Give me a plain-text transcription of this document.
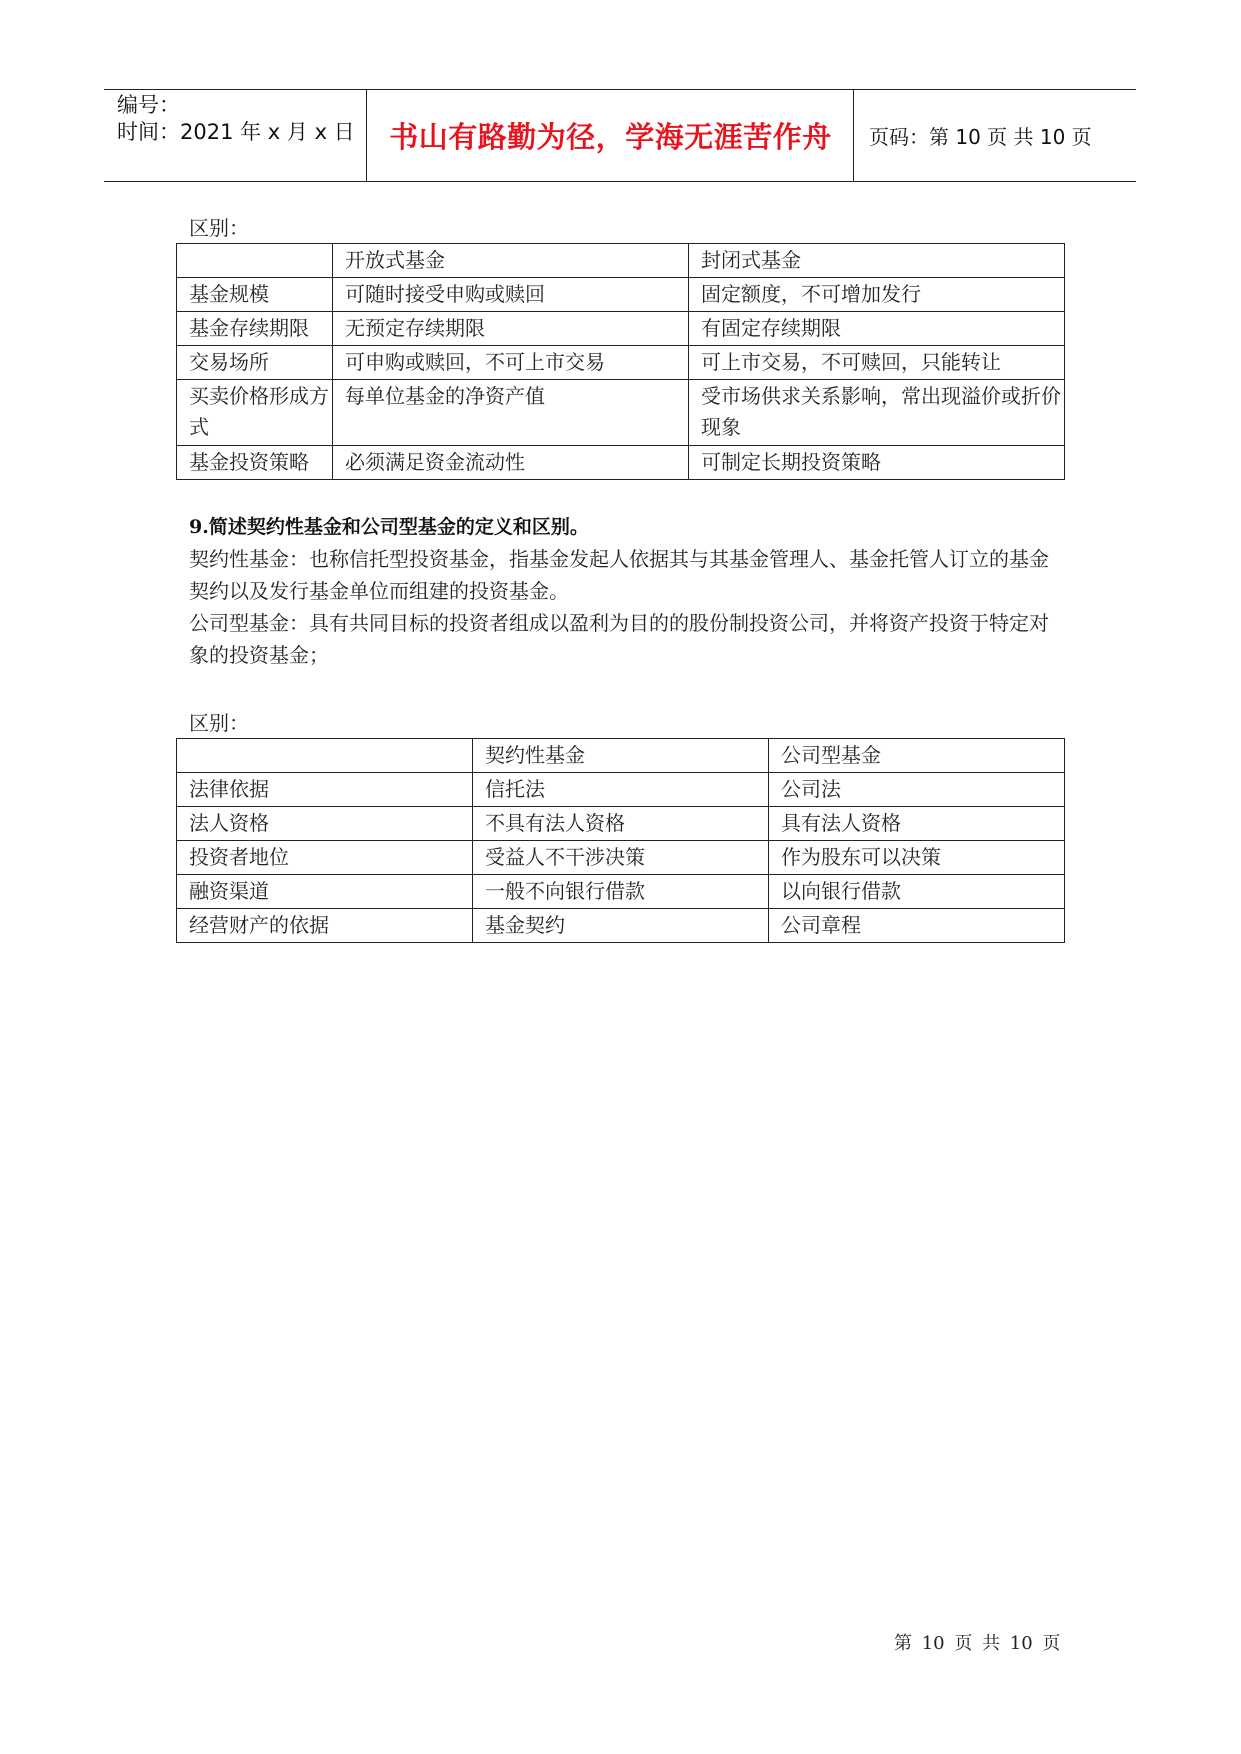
编号：
时间：2021 年 x 月 x 日	书山有路勤为径，学海无涯苦作舟	页码：第 10 页 共 10 页
区别：
	开放式基金	封闭式基金
基金规模	可随时接受申购或赎回	固定额度，不可增加发行
基金存续期限	无预定存续期限	有固定存续期限
交易场所	可申购或赎回，不可上市交易	可上市交易，不可赎回，只能转让
买卖价格形成方式	每单位基金的净资产值	受市场供求关系影响，常出现溢价或折价现象
基金投资策略	必须满足资金流动性	可制定长期投资策略
9.简述契约性基金和公司型基金的定义和区别。
契约性基金：也称信托型投资基金，指基金发起人依据其与其基金管理人、基金托管人订立的基金契约以及发行基金单位而组建的投资基金。
公司型基金：具有共同目标的投资者组成以盈利为目的的股份制投资公司，并将资产投资于特定对象的投资基金；
区别：
	契约性基金	公司型基金
法律依据	信托法	公司法
法人资格	不具有法人资格	具有法人资格
投资者地位	受益人不干涉决策	作为股东可以决策
融资渠道	一般不向银行借款	以向银行借款
经营财产的依据	基金契约	公司章程
第 10 页 共 10 页
